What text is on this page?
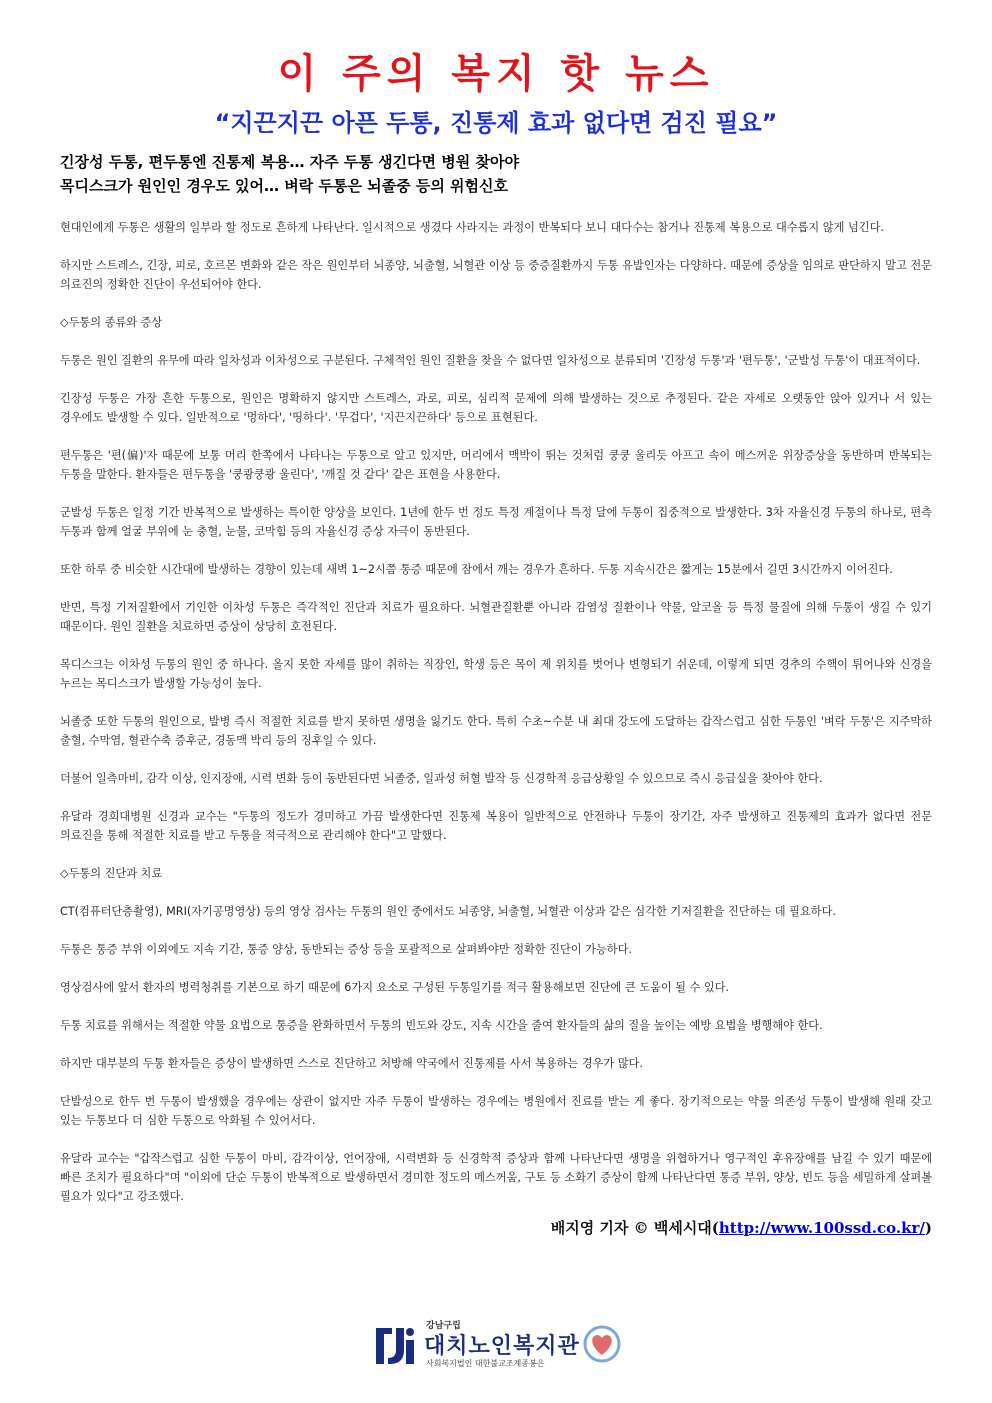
이 주의 복지 핫 뉴스
“지끈지끈 아픈 두통, 진통제 효과 없다면 검진 필요”
긴장성 두통, 편두통엔 진통제 복용… 자주 두통 생긴다면 병원 찾아야
목디스크가 원인인 경우도 있어… 벼락 두통은 뇌졸중 등의 위험신호

현대인에게 두통은 생활의 일부라 할 정도로 흔하게 나타난다. 일시적으로 생겼다 사라지는 과정이 반복되다 보니 대다수는 참거나 진통제 복용으로 대수롭지 않게 넘긴다.

하지만 스트레스, 긴장, 피로, 호르몬 변화와 같은 작은 원인부터 뇌종양, 뇌출혈, 뇌혈관 이상 등 중증질환까지 두통 유발인자는 다양하다. 때문에 증상을 임의로 판단하지 말고 전문 의료진의 정확한 진단이 우선되어야 한다.

◇두통의 종류와 증상

두통은 원인 질환의 유무에 따라 일차성과 이차성으로 구분된다. 구체적인 원인 질환을 찾을 수 없다면 일차성으로 분류되며 '긴장성 두통'과 '편두통', '군발성 두통'이 대표적이다.

긴장성 두통은 가장 흔한 두통으로, 원인은 명확하지 않지만 스트레스, 과로, 피로, 심리적 문제에 의해 발생하는 것으로 추정된다. 같은 자세로 오랫동안 앉아 있거나 서 있는 경우에도 발생할 수 있다. 일반적으로 '멍하다', '띵하다'. '무겁다', '지끈지끈하다' 등으로 표현된다.

편두통은 '편(偏)'자 때문에 보통 머리 한쪽에서 나타나는 두통으로 알고 있지만, 머리에서 맥박이 뛰는 것처럼 쿵쿵 울리듯 아프고 속이 메스꺼운 위장증상을 동반하며 반복되는 두통을 말한다. 환자들은 편두통을 '쿵쾅쿵쾅 울린다', '깨질 것 같다' 같은 표현을 사용한다.

군발성 두통은 일정 기간 반복적으로 발생하는 특이한 양상을 보인다. 1년에 한두 번 정도 특정 계절이나 특정 달에 두통이 집중적으로 발생한다. 3차 자율신경 두통의 하나로, 편측 두통과 함께 얼굴 부위에 눈 충혈, 눈물, 코막힘 등의 자율신경 증상 자극이 동반된다.

또한 하루 중 비슷한 시간대에 발생하는 경향이 있는데 새벽 1~2시쯤 통증 때문에 잠에서 깨는 경우가 흔하다. 두통 지속시간은 짧게는 15분에서 길면 3시간까지 이어진다.

반면, 특정 기저질환에서 기인한 이차성 두통은 즉각적인 진단과 치료가 필요하다. 뇌혈관질환뿐 아니라 감염성 질환이나 약물, 알코올 등 특정 물질에 의해 두통이 생길 수 있기 때문이다. 원인 질환을 치료하면 증상이 상당히 호전된다.

목디스크는 이차성 두통의 원인 중 하나다. 올지 못한 자세를 많이 취하는 직장인, 학생 등은 목이 제 위치를 벗어나 변형되기 쉬운데, 이렇게 되면 경추의 수핵이 튀어나와 신경을 누르는 목디스크가 발생할 가능성이 높다.

뇌졸중 또한 두통의 원인으로, 발병 즉시 적절한 치료를 받지 못하면 생명을 잃기도 한다. 특히 수초~수분 내 최대 강도에 도달하는 갑작스럽고 심한 두통인 '벼락 두통'은 지주막하 출혈, 수막염, 혈관수축 증후군, 경동맥 박리 등의 징후일 수 있다.

더불어 일측마비, 감각 이상, 인지장애, 시력 변화 등이 동반된다면 뇌졸중, 일과성 허혈 발작 등 신경학적 응급상황일 수 있으므로 즉시 응급실을 찾아야 한다.

유달라 경희대병원 신경과 교수는 "두통의 정도가 경미하고 가끔 발생한다면 진통제 복용이 일반적으로 안전하나 두통이 장기간, 자주 발생하고 진통제의 효과가 없다면 전문 의료진을 통해 적절한 치료를 받고 두통을 적극적으로 관리해야 한다"고 말했다.

◇두통의 진단과 치료

CT(컴퓨터단층촬영), MRI(자기공명영상) 등의 영상 검사는 두통의 원인 중에서도 뇌종양, 뇌출혈, 뇌혈관 이상과 같은 심각한 기저질환을 진단하는 데 필요하다.

두통은 통증 부위 이외에도 지속 기간, 통증 양상, 동반되는 증상 등을 포괄적으로 살펴봐야만 정확한 진단이 가능하다.

영상검사에 앞서 환자의 병력청취를 기본으로 하기 때문에 6가지 요소로 구성된 두통일기를 적극 활용해보면 진단에 큰 도움이 될 수 있다.

두통 치료를 위해서는 적절한 약물 요법으로 통증을 완화하면서 두통의 빈도와 강도, 지속 시간을 줄여 환자들의 삶의 질을 높이는 예방 요법을 병행해야 한다.

하지만 대부분의 두통 환자들은 증상이 발생하면 스스로 진단하고 처방해 약국에서 진통제를 사서 복용하는 경우가 많다.

단발성으로 한두 번 두통이 발생했을 경우에는 상관이 없지만 자주 두통이 발생하는 경우에는 병원에서 진료를 받는 게 좋다. 장기적으로는 약물 의존성 두통이 발생해 원래 갖고 있는 두통보다 더 심한 두통으로 악화될 수 있어서다.

유달라 교수는 "갑작스럽고 심한 두통이 마비, 감각이상, 언어장애, 시력변화 등 신경학적 증상과 함께 나타난다면 생명을 위협하거나 영구적인 후유장애를 남길 수 있기 때문에 빠른 조치가 필요하다"며 "이외에 단순 두통이 반복적으로 발생하면서 경미한 정도의 메스꺼움, 구토 등 소화기 증상이 함께 나타난다면 통증 부위, 양상, 빈도 등을 세밀하게 살펴볼 필요가 있다"고 강조했다.

배지영 기자 © 백세시대(http://www.100ssd.co.kr/)
강남구립
대치노인복지관
사회복지법인 대한불교조계종봉은
